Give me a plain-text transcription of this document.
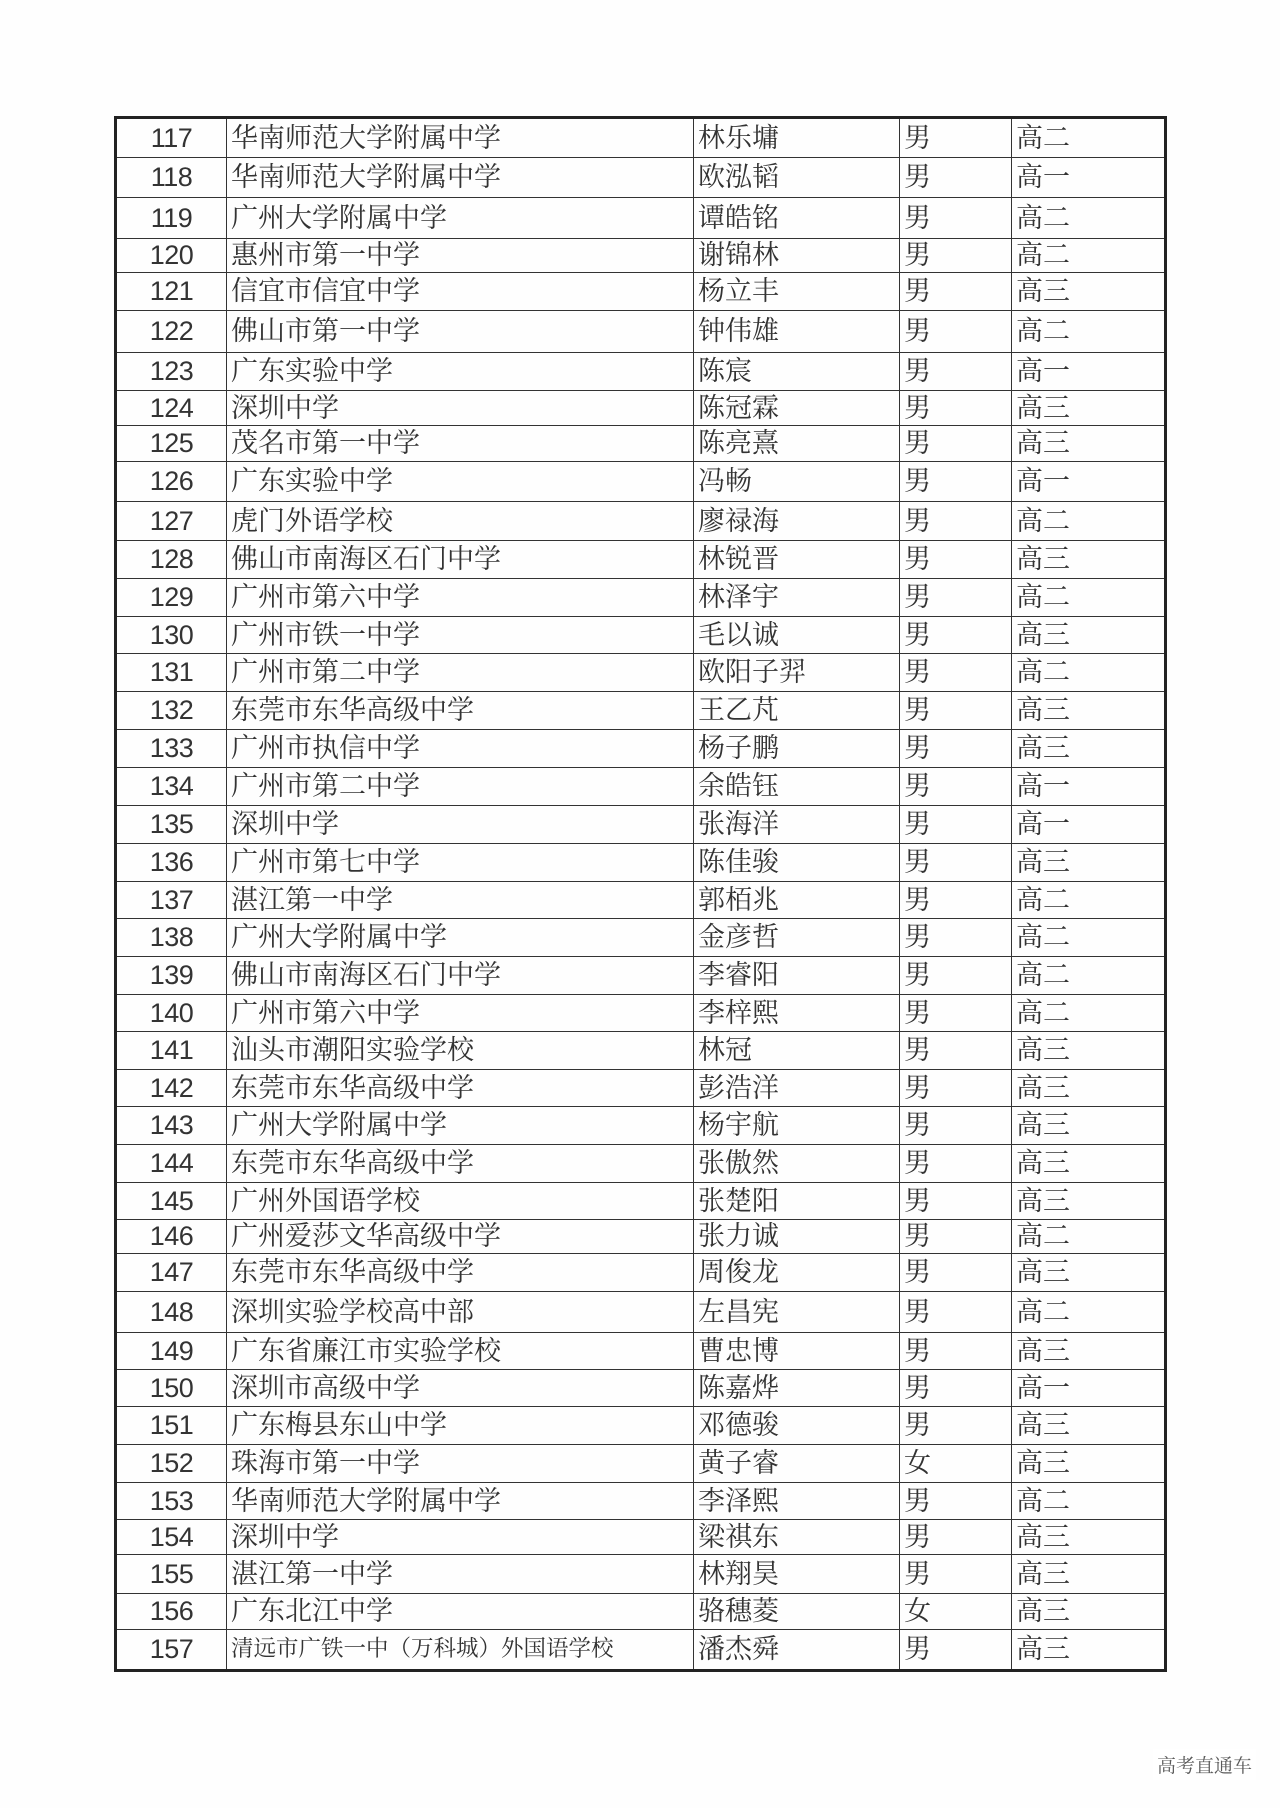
117	华南师范大学附属中学	林乐墉	男	高二
118	华南师范大学附属中学	欧泓韬	男	高一
119	广州大学附属中学	谭皓铭	男	高二
120	惠州市第一中学	谢锦林	男	高二
121	信宜市信宜中学	杨立丰	男	高三
122	佛山市第一中学	钟伟雄	男	高二
123	广东实验中学	陈宸	男	高一
124	深圳中学	陈冠霖	男	高三
125	茂名市第一中学	陈亮熹	男	高三
126	广东实验中学	冯畅	男	高一
127	虎门外语学校	廖禄海	男	高二
128	佛山市南海区石门中学	林锐晋	男	高三
129	广州市第六中学	林泽宇	男	高二
130	广州市铁一中学	毛以诚	男	高三
131	广州市第二中学	欧阳子羿	男	高二
132	东莞市东华高级中学	王乙芃	男	高三
133	广州市执信中学	杨子鹏	男	高三
134	广州市第二中学	余皓钰	男	高一
135	深圳中学	张海洋	男	高一
136	广州市第七中学	陈佳骏	男	高三
137	湛江第一中学	郭栢兆	男	高二
138	广州大学附属中学	金彦哲	男	高二
139	佛山市南海区石门中学	李睿阳	男	高二
140	广州市第六中学	李梓熙	男	高二
141	汕头市潮阳实验学校	林冠	男	高三
142	东莞市东华高级中学	彭浩洋	男	高三
143	广州大学附属中学	杨宇航	男	高三
144	东莞市东华高级中学	张傲然	男	高三
145	广州外国语学校	张楚阳	男	高三
146	广州爱莎文华高级中学	张力诚	男	高二
147	东莞市东华高级中学	周俊龙	男	高三
148	深圳实验学校高中部	左昌宪	男	高二
149	广东省廉江市实验学校	曹忠博	男	高三
150	深圳市高级中学	陈嘉烨	男	高一
151	广东梅县东山中学	邓德骏	男	高三
152	珠海市第一中学	黄子睿	女	高三
153	华南师范大学附属中学	李泽熙	男	高二
154	深圳中学	梁祺东	男	高三
155	湛江第一中学	林翔昊	男	高三
156	广东北江中学	骆穗菱	女	高三
157	清远市广铁一中（万科城）外国语学校	潘杰舜	男	高三
高考直通车
